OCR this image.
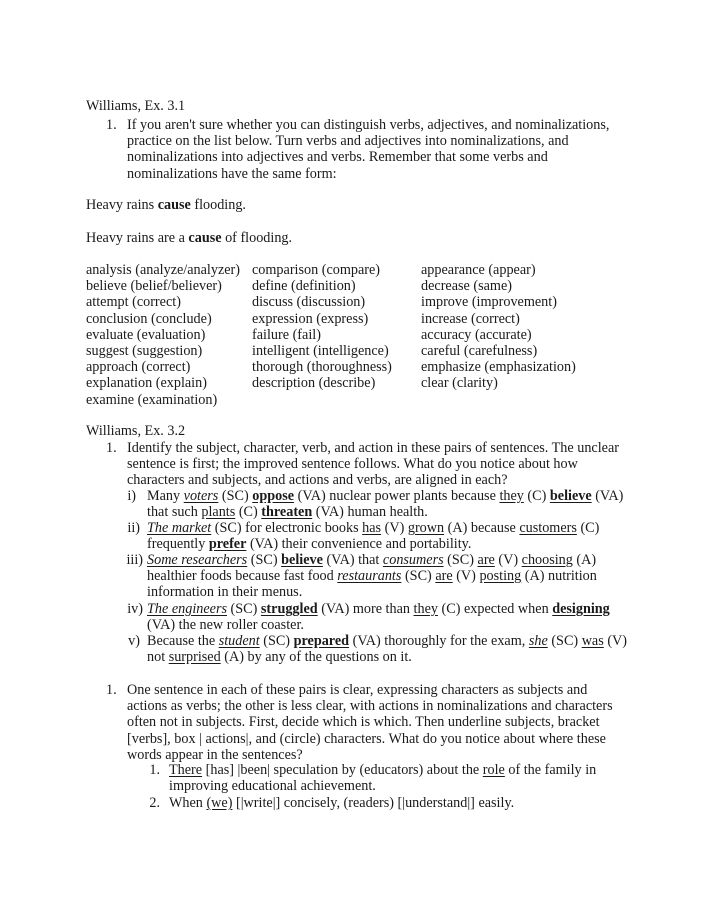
Williams, Ex. 3.1

1. If you aren't sure whether you can distinguish verbs, adjectives, and nominalizations, practice on the list below. Turn verbs and adjectives into nominalizations, and nominalizations into adjectives and verbs. Remember that some verbs and nominalizations have the same form:

Heavy rains cause flooding.

Heavy rains are a cause of flooding.

analysis (analyze/analyzer)
believe (belief/believer)
attempt (correct)
conclusion (conclude)
evaluate (evaluation)
suggest (suggestion)
approach (correct)
explanation (explain)
examine (examination)
comparison (compare)
define (definition)
discuss (discussion)
expression (express)
failure (fail)
intelligent (intelligence)
thorough (thoroughness)
description (describe)
appearance (appear)
decrease (same)
improve (improvement)
increase (correct)
accuracy (accurate)
careful (carefulness)
emphasize (emphasization)
clear (clarity)

Williams, Ex. 3.2

1. Identify the subject, character, verb, and action in these pairs of sentences. The unclear sentence is first; the improved sentence follows. What do you notice about how characters and subjects, and actions and verbs, are aligned in each?

i) Many voters (SC) oppose (VA) nuclear power plants because they (C) believe (VA)
that such plants (C) threaten (VA) human health.
ii) The market (SC) for electronic books has (V) grown (A) because customers (C)
frequently prefer (VA) their convenience and portability.
iii) Some researchers (SC) believe (VA) that consumers (SC) are (V) choosing (A)
healthier foods because fast food restaurants (SC) are (V) posting (A) nutrition
information in their menus.
iv) The engineers (SC) struggled (VA) more than they (C) expected when designing
(VA) the new roller coaster.
v) Because the student (SC) prepared (VA) thoroughly for the exam, she (SC) was (V)
not surprised (A) by any of the questions on it.
1. One sentence in each of these pairs is clear, expressing characters as subjects and actions as verbs; the other is less clear, with actions in nominalizations and characters often not in subjects. First, decide which is which. Then underline subjects, bracket [verbs], box | actions|, and (circle) characters. What do you notice about where these words appear in the sentences?

1. There [has] |been| speculation by (educators) about the role of the family in
improving educational achievement.
2. When (we) [|write|] concisely, (readers) [|understand|] easily.
